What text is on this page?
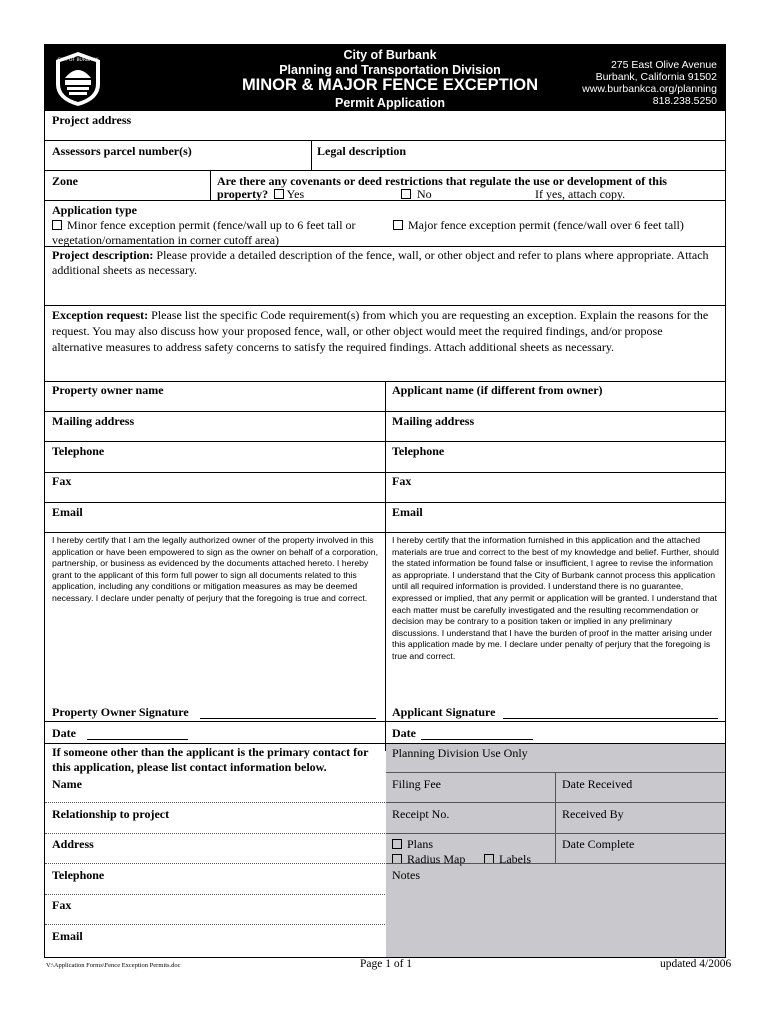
CITY OF BURBANK	City of Burbank
Planning and Transportation Division
MINOR & MAJOR FENCE EXCEPTION
Permit Application
275 East Olive Avenue
Burbank, California 91502
www.burbankca.org/planning
818.238.5250
Project address
Assessors parcel number(s)	Legal description
Zone	Are there any covenants or deed restrictions that regulate the use or development of this
property? Yes	No	If yes, attach copy.
Application type
Minor fence exception permit (fence/wall up to 6 feet tall or
vegetation/ornamentation in corner cutoff area)
Major fence exception permit (fence/wall over 6 feet tall)
Project description: Please provide a detailed description of the fence, wall, or other object and refer to plans where appropriate. Attach additional sheets as necessary.
Exception request: Please list the specific Code requirement(s) from which you are requesting an exception. Explain the reasons for the request. You may also discuss how your proposed fence, wall, or other object would meet the required findings, and/or propose alternative measures to address safety concerns to satisfy the required findings. Attach additional sheets as necessary.
Property owner name	Applicant name (if different from owner)
Mailing address	Mailing address
Telephone	Telephone
Fax	Fax
Email	Email
I hereby certify that I am the legally authorized owner of the property involved in this application or have been empowered to sign as the owner on behalf of a corporation, partnership, or business as evidenced by the documents attached hereto. I hereby grant to the applicant of this form full power to sign all documents related to this application, including any conditions or mitigation measures as may be deemed necessary. I declare under penalty of perjury that the foregoing is true and correct.
I hereby certify that the information furnished in this application and the attached materials are true and correct to the best of my knowledge and belief. Further, should the stated information be found false or insufficient, I agree to revise the information as appropriate. I understand that the City of Burbank cannot process this application until all required information is provided. I understand there is no guarantee, expressed or implied, that any permit or application will be granted. I understand that each matter must be carefully investigated and the resulting recommendation or decision may be contrary to a position taken or implied in any preliminary discussions. I understand that I have the burden of proof in the matter arising under this application made by me. I declare under penalty of perjury that the foregoing is true and correct.
Property Owner Signature	Applicant Signature
Date	Date
If someone other than the applicant is the primary contact for this application, please list contact information below.
Name
Relationship to project
Address
Telephone
Fax
Email
Planning Division Use Only
Filing Fee	Date Received
Receipt No.	Received By
Plans
Radius Map	Labels
Date Complete
Notes
V:\Application Forms\Fence Exception Permits.doc	Page 1 of 1	updated 4/2006
